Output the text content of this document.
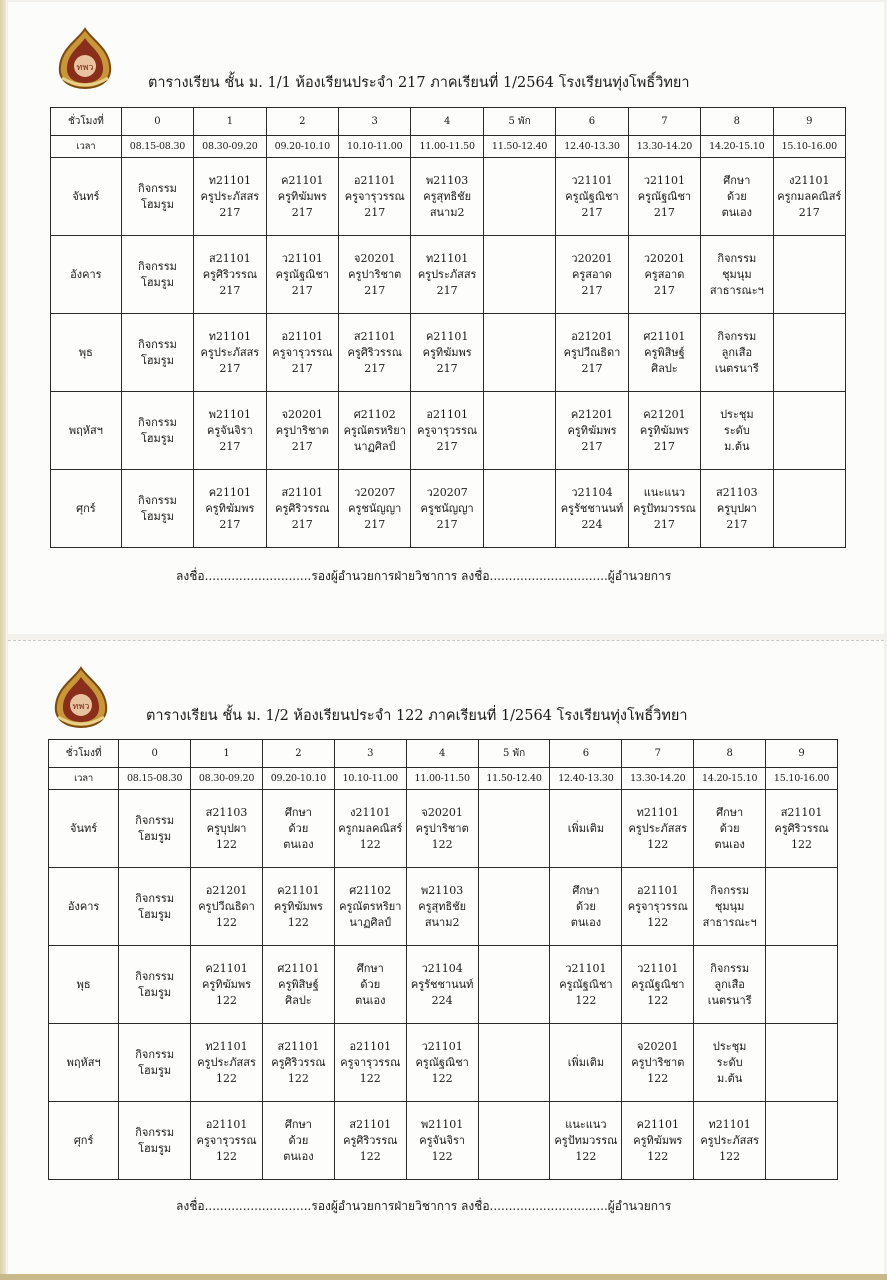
ทพว
ตารางเรียน ชั้น ม. 1/1 ห้องเรียนประจำ 217 ภาคเรียนที่ 1/2564 โรงเรียนทุ่งโพธิ์วิทยา
ชั่วโมงที่	0	1	2	3	4	5 พัก	6	7	8	9
เวลา	08.15-08.30	08.30-09.20	09.20-10.10	10.10-11.00	11.00-11.50	11.50-12.40	12.40-13.30	13.30-14.20	14.20-15.10	15.10-16.00
จันทร์	กิจกรรม
โฮมรูม	ท21101
ครูประภัสสร
217	ค21101
ครูทิฆัมพร
217	อ21101
ครูจารุวรรณ
217	พ21103
ครูสุทธิชัย
สนาม2		ว21101
ครูณัฐณิชา
217	ว21101
ครูณัฐณิชา
217	ศึกษา
ด้วย
ตนเอง	ง21101
ครูกมลคณิสร์
217

อังคาร	กิจกรรม
โฮมรูม	ส21101
ครูศิริวรรณ
217	ว21101
ครูณัฐณิชา
217	จ20201
ครูปาริชาต
217	ท21101
ครูประภัสสร
217		ว20201
ครูสอาด
217	ว20201
ครูสอาด
217	กิจกรรม
ชุมนุม
สาธารณะฯ	

พุธ	กิจกรรม
โฮมรูม	ท21101
ครูประภัสสร
217	อ21101
ครูจารุวรรณ
217	ส21101
ครูศิริวรรณ
217	ค21101
ครูทิฆัมพร
217		อ21201
ครูปวีณธิดา
217	ศ21101
ครูพิสิษฐ์
ศิลปะ	กิจกรรม
ลูกเสือ
เนตรนารี	

พฤหัสฯ	กิจกรรม
โฮมรูม	พ21101
ครูจันจิรา
217	จ20201
ครูปาริชาต
217	ศ21102
ครูณัตรหริยา
นาฏศิลป์	อ21101
ครูจารุวรรณ
217		ค21201
ครูทิฆัมพร
217	ค21201
ครูทิฆัมพร
217	ประชุม
ระดับ
ม.ต้น	

ศุกร์	กิจกรรม
โฮมรูม	ค21101
ครูทิฆัมพร
217	ส21101
ครูศิริวรรณ
217	ว20207
ครูชนัญญา
217	ว20207
ครูชนัญญา
217		ว21104
ครูรัชชานนท์
224	แนะแนว
ครูปัทมวรรณ
217	ส21103
ครูบุปผา
217	

ลงชื่อ............................รองผู้อำนวยการฝ่ายวิชาการ ลงชื่อ...............................ผู้อำนวยการ
ทพว
ตารางเรียน ชั้น ม. 1/2 ห้องเรียนประจำ 122 ภาคเรียนที่ 1/2564 โรงเรียนทุ่งโพธิ์วิทยา
ชั่วโมงที่	0	1	2	3	4	5 พัก	6	7	8	9
เวลา	08.15-08.30	08.30-09.20	09.20-10.10	10.10-11.00	11.00-11.50	11.50-12.40	12.40-13.30	13.30-14.20	14.20-15.10	15.10-16.00
จันทร์	กิจกรรม
โฮมรูม	ส21103
ครูบุปผา
122	ศึกษา
ด้วย
ตนเอง	ง21101
ครูกมลคณิสร์
122	จ20201
ครูปาริชาต
122		เพิ่มเติม	ท21101
ครูประภัสสร
122	ศึกษา
ด้วย
ตนเอง	ส21101
ครูศิริวรรณ
122

อังคาร	กิจกรรม
โฮมรูม	อ21201
ครูปวีณธิดา
122	ค21101
ครูทิฆัมพร
122	ศ21102
ครูณัตรหริยา
นาฏศิลป์	พ21103
ครูสุทธิชัย
สนาม2		ศึกษา
ด้วย
ตนเอง	อ21101
ครูจารุวรรณ
122	กิจกรรม
ชุมนุม
สาธารณะฯ	

พุธ	กิจกรรม
โฮมรูม	ค21101
ครูทิฆัมพร
122	ศ21101
ครูพิสิษฐ์
ศิลปะ	ศึกษา
ด้วย
ตนเอง	ว21104
ครูรัชชานนท์
224		ว21101
ครูณัฐณิชา
122	ว21101
ครูณัฐณิชา
122	กิจกรรม
ลูกเสือ
เนตรนารี	

พฤหัสฯ	กิจกรรม
โฮมรูม	ท21101
ครูประภัสสร
122	ส21101
ครูศิริวรรณ
122	อ21101
ครูจารุวรรณ
122	ว21101
ครูณัฐณิชา
122		เพิ่มเติม	จ20201
ครูปาริชาต
122	ประชุม
ระดับ
ม.ต้น	

ศุกร์	กิจกรรม
โฮมรูม	อ21101
ครูจารุวรรณ
122	ศึกษา
ด้วย
ตนเอง	ส21101
ครูศิริวรรณ
122	พ21101
ครูจันจิรา
122		แนะแนว
ครูปัทมวรรณ
122	ค21101
ครูทิฆัมพร
122	ท21101
ครูประภัสสร
122	

ลงชื่อ............................รองผู้อำนวยการฝ่ายวิชาการ ลงชื่อ...............................ผู้อำนวยการ
